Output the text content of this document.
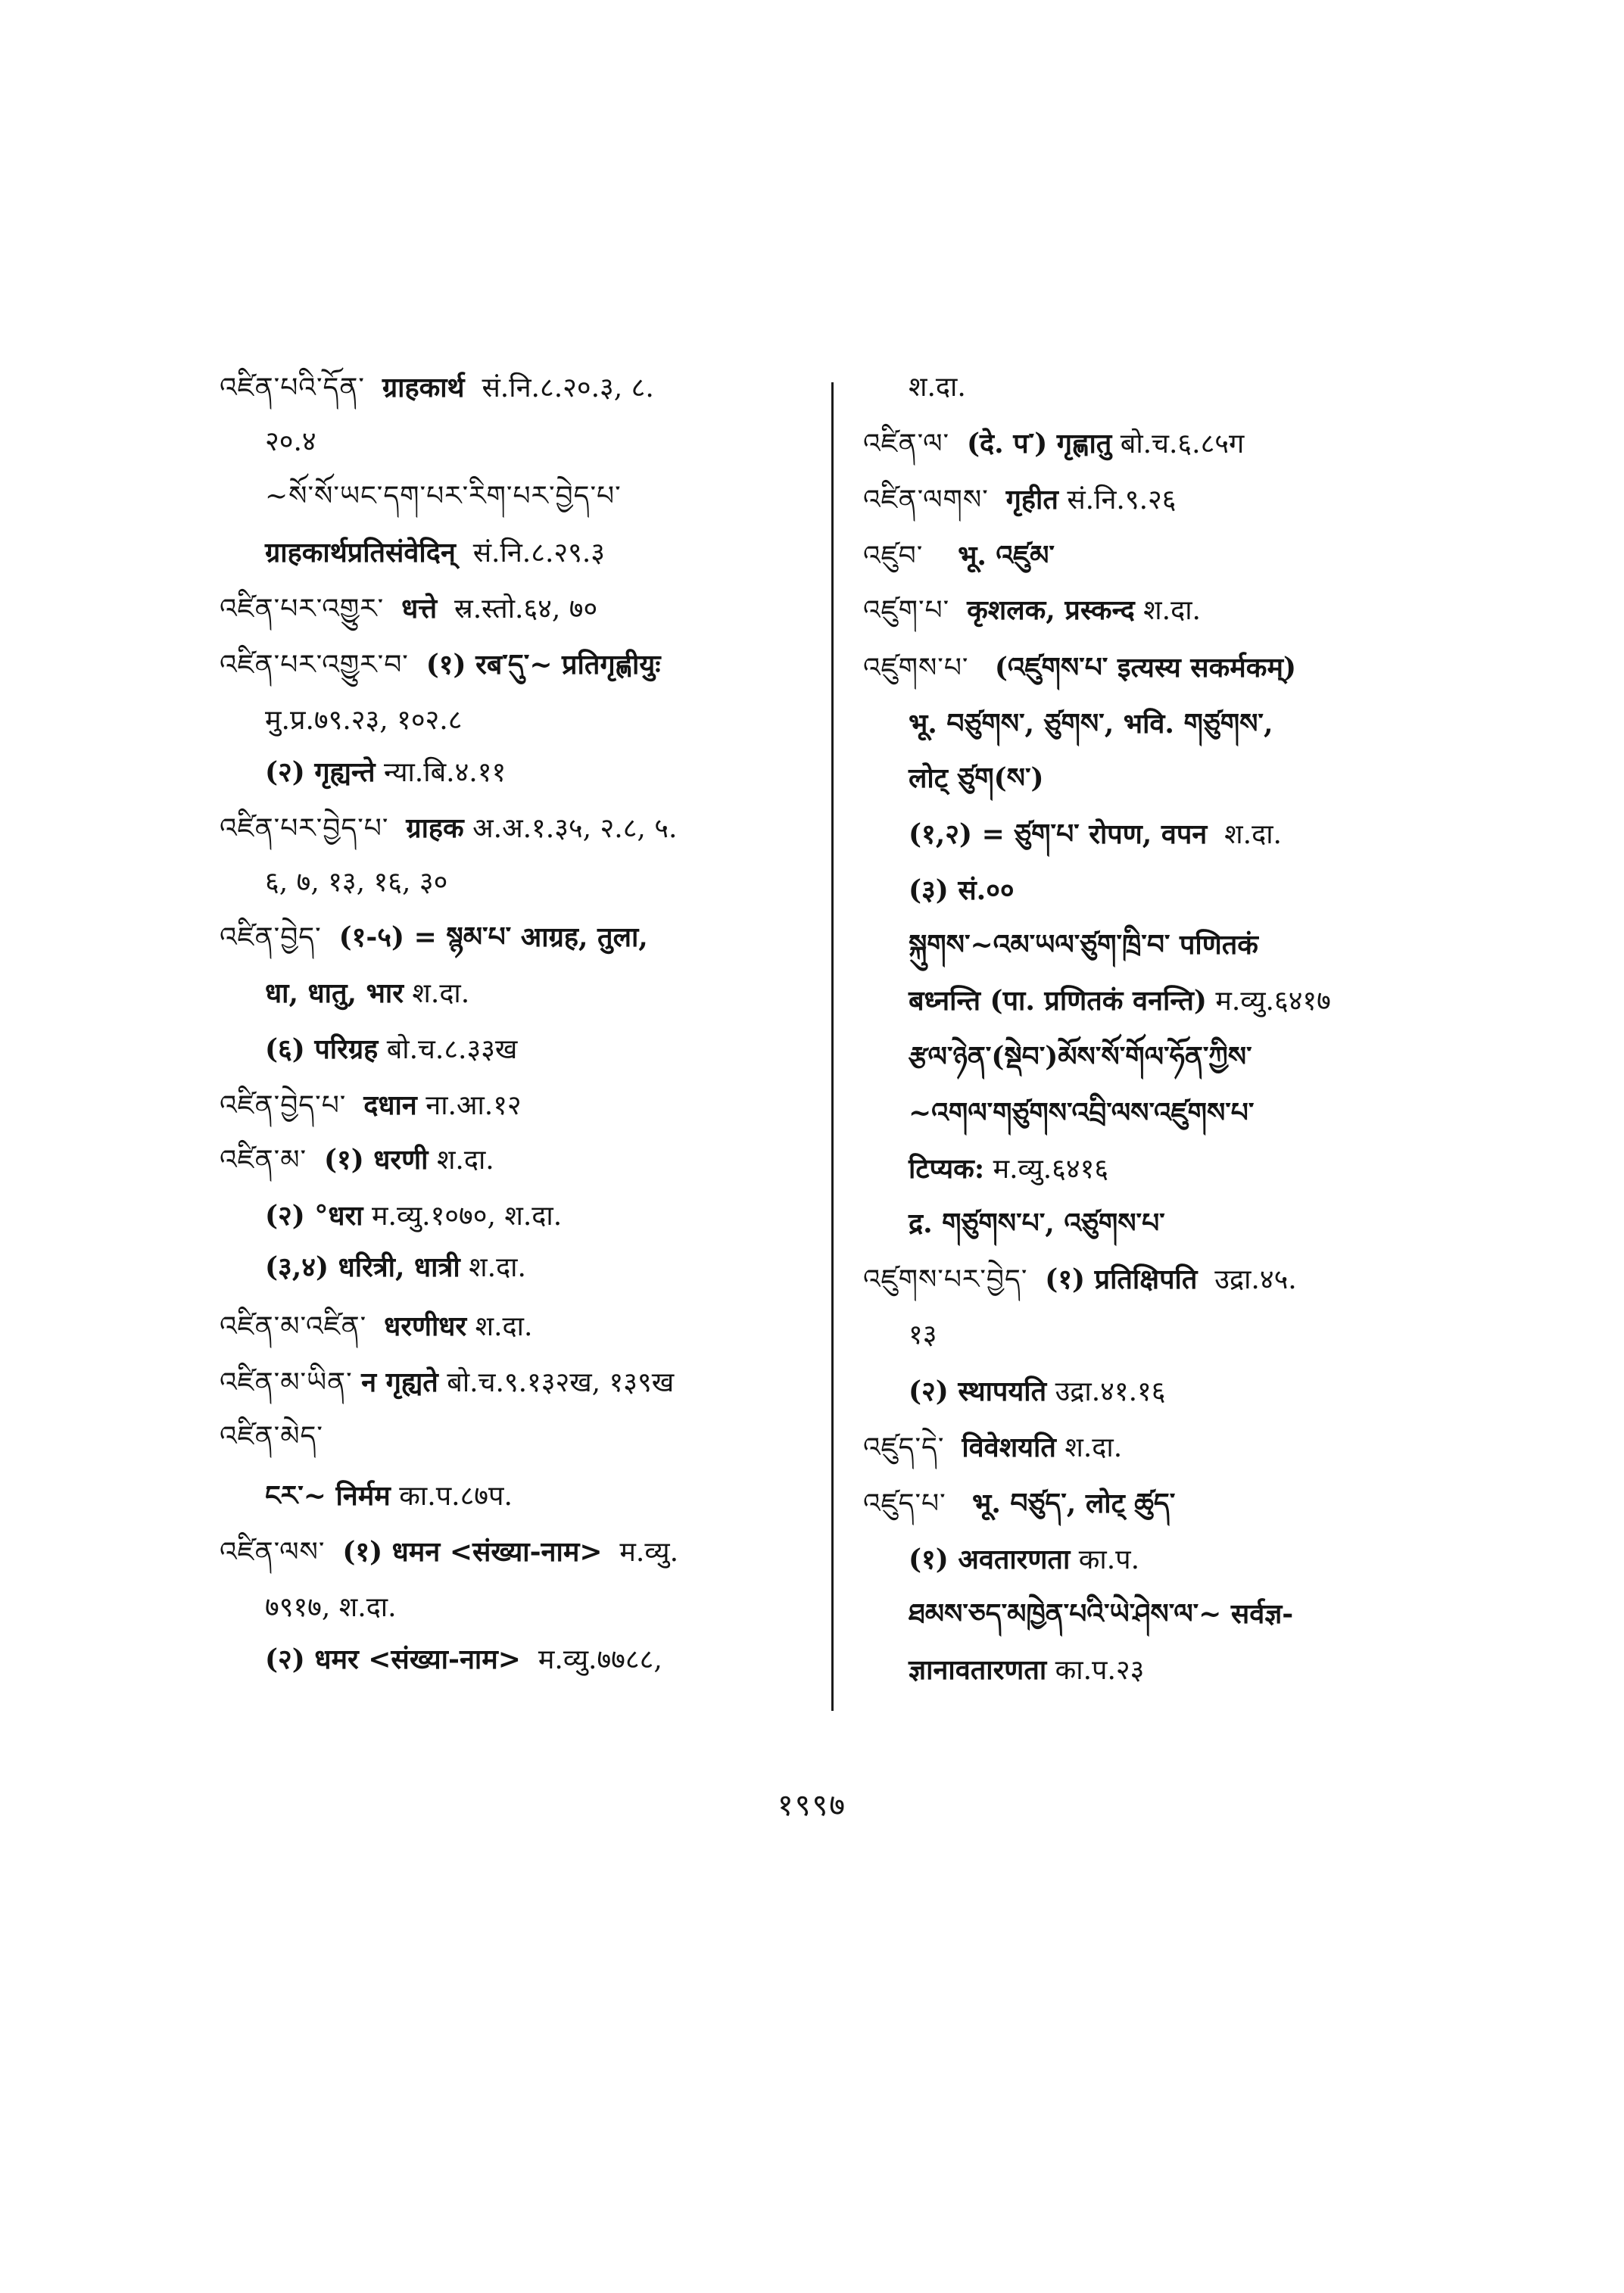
འཛིན་པའི་དོན་ ग्राहकार्थ सं.नि.८.२०.३, ८.
२०.४
~སོ་སོ་ཡང་དག་པར་རིག་པར་བྱེད་པ་
ग्राहकार्थप्रतिसंवेदिन् सं.नि.८.२९.३
འཛིན་པར་འགྱུར་ धत्ते स्र.स्तो.६४, ७०
འཛིན་པར་འགྱུར་བ་ (१) रब་དུ་~ प्रतिगृह्णीयुः
मु.प्र.७९.२३, १०२.८
(२) गृह्यन्ते न्या.बि.४.११
འཛིན་པར་བྱེད་པ་ ग्राहक अ.अ.१.३५, २.८, ५.
६, ७, १३, १६, ३०
འཛིན་བྱེད་ (१-५) = སྙམ་པ་ आग्रह, तुला,
धा, धातु, भार श.दा.
(६) परिग्रह बो.च.८.३३ख
འཛིན་བྱེད་པ་ दधान ना.आ.१२
འཛིན་མ་ (१) धरणी श.दा.
(२) °धरा म.व्यु.१०७०, श.दा.
(३,४) धरित्री, धात्री श.दा.
འཛིན་མ་འཛིན་ धरणीधर श.दा.
འཛིན་མ་ཡིན་ न गृह्यते बो.च.९.१३२ख, १३९ख
འཛིན་མེད་
ངར་~ निर्मम का.प.८७प.
འཛིན་ལས་ (१) धमन <संख्या-नाम> म.व्यु.
७९१७, श.दा.
(२) धमर <संख्या-नाम> म.व्यु.७७८८,
श.दा.
འཛིན་ལ་ (दे. प་) गृह्णातु बो.च.६.८५ग
འཛིན་ལགས་ गृहीत सं.नि.९.२६
འཛུབ་ भू. འཛུམ་
འཛུག་པ་ कृशलक, प्रस्कन्द श.दा.
འཛུགས་པ་ (འཛུགས་པ་ इत्यस्य सकर्मकम्)
भू. བཙུགས་, ཙུགས་, भवि. གཙུགས་,
लोट् ཙུག(ས་)
(१,२) = ཙུག་པ་ रोपण, वपन श.दा.
(३) सं.००
སྐུགས་~འམ་ཡལ་ཙུག་ཁྲི་བ་ पणितकं
बध्नन्ति (पा. प्रणितकं वनन्ति) म.व्यु.६४१७
རྩལ་ཉེན་(སྡེབ་)མོས་སོ་གོལ་ཧོན་ཀྱིས་
~འགལ་གཙུགས་འབྲི་ལས་འཛུགས་པ་
टिप्यक: म.व्यु.६४१६
द्र. གཙུགས་པ་, འཙུགས་པ་
འཛུགས་པར་བྱེད་ (१) प्रतिक्षिपति उद्रा.४५.
१३
(२) स्थापयति उद्रा.४१.१६
འཛུད་དེ་ विवेशयति श.दा.
འཛུད་པ་ भू. བཙུད་, लोट् ཚུད་
(१) अवतारणता का.प.
ཐམས་ཅད་མཁྱེན་པའི་ཡེ་ཤེས་ལ་~ सर्वज्ञ-
ज्ञानावतारणता का.प.२३
१९९७
